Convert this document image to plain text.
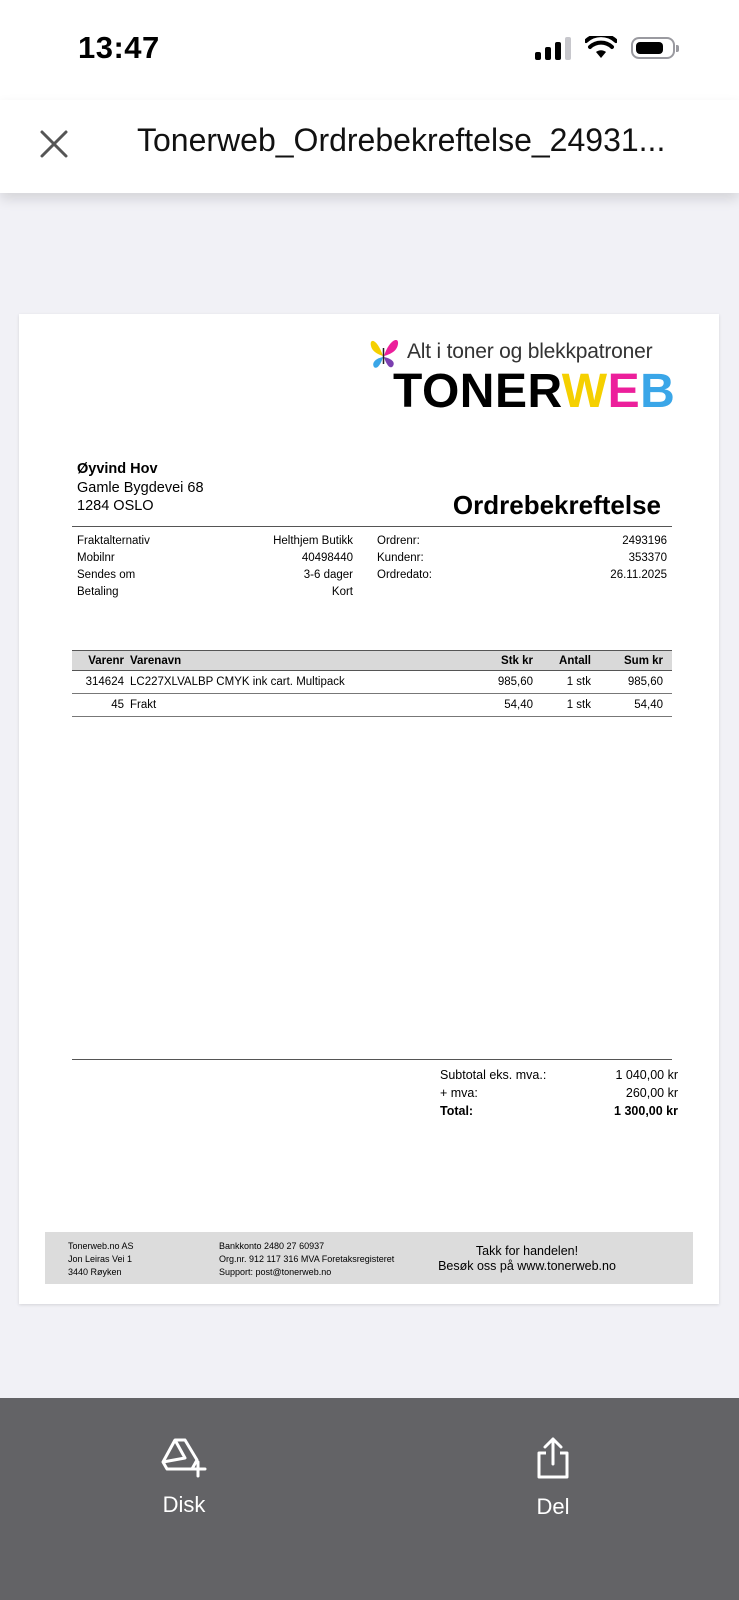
13:47
Tonerweb_Ordrebekreftelse_24931...
Alt i toner og blekkpatroner
TONERWEB
Øyvind Hov
Gamle Bygdevei 68
1284 OSLO	Ordrebekreftelse
Fraktalternativ	Helthjem Butikk
Mobilnr	40498440
Sendes om	3-6 dager
Betaling	Kort
Ordrenr:	2493196
Kundenr:	353370
Ordredato:	26.11.2025
Varenr Varenavn	Stk kr	Antall	Sum kr
314624 LC227XLVALBP CMYK ink cart. Multipack	985,60	1 stk	985,60
45 Frakt	54,40	1 stk	54,40
Subtotal eks. mva.:	1 040,00 kr
+ mva:	260,00 kr
Total:	1 300,00 kr
Tonerweb.no AS
Jon Leiras Vei 1
3440 Røyken
Bankkonto 2480 27 60937
Org.nr. 912 117 316 MVA Foretaksregisteret
Support: post@tonerweb.no
Takk for handelen!
Besøk oss på www.tonerweb.no
Disk	Del
